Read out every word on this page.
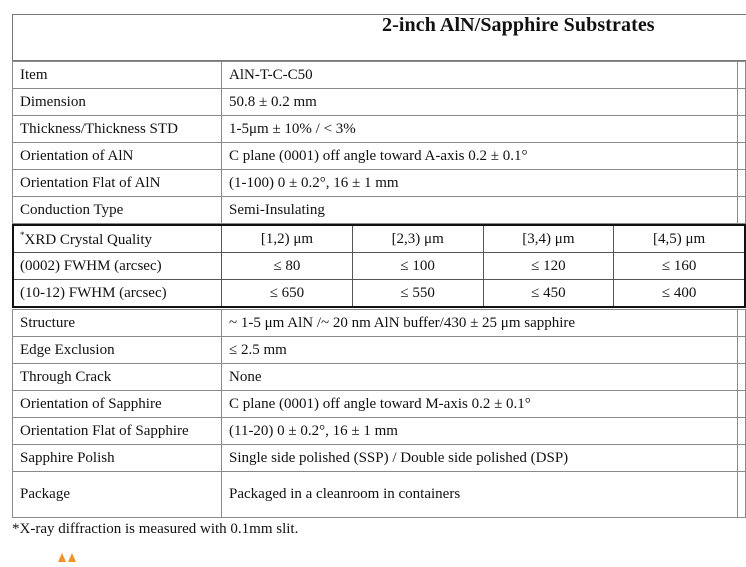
2-inch AlN/Sapphire Substrates
Item	AlN-T-C-C50	
Dimension	50.8 ± 0.2 mm	
Thickness/Thickness STD	1-5μm ± 10% / < 3%	
Orientation of AlN	C plane (0001) off angle toward A-axis 0.2 ± 0.1°	
Orientation Flat of AlN	(1-100) 0 ± 0.2°, 16 ± 1 mm	
Conduction Type	Semi-Insulating	
*XRD Crystal Quality	[1,2) μm	[2,3) μm	[3,4) μm	[4,5) μm
(0002) FWHM (arcsec)	≤ 80	≤ 100	≤ 120	≤ 160
(10-12) FWHM (arcsec)	≤ 650	≤ 550	≤ 450	≤ 400
Structure	~ 1-5 μm AlN /~ 20 nm AlN buffer/430 ± 25 μm sapphire	
Edge Exclusion	≤ 2.5 mm	
Through Crack	None	
Orientation of Sapphire	C plane (0001) off angle toward M-axis 0.2 ± 0.1°	
Orientation Flat of Sapphire	(11-20) 0 ± 0.2°, 16 ± 1 mm	
Sapphire Polish	Single side polished (SSP) / Double side polished (DSP)	
Package	Packaged in a cleanroom in containers	
*X-ray diffraction is measured with 0.1mm slit.
